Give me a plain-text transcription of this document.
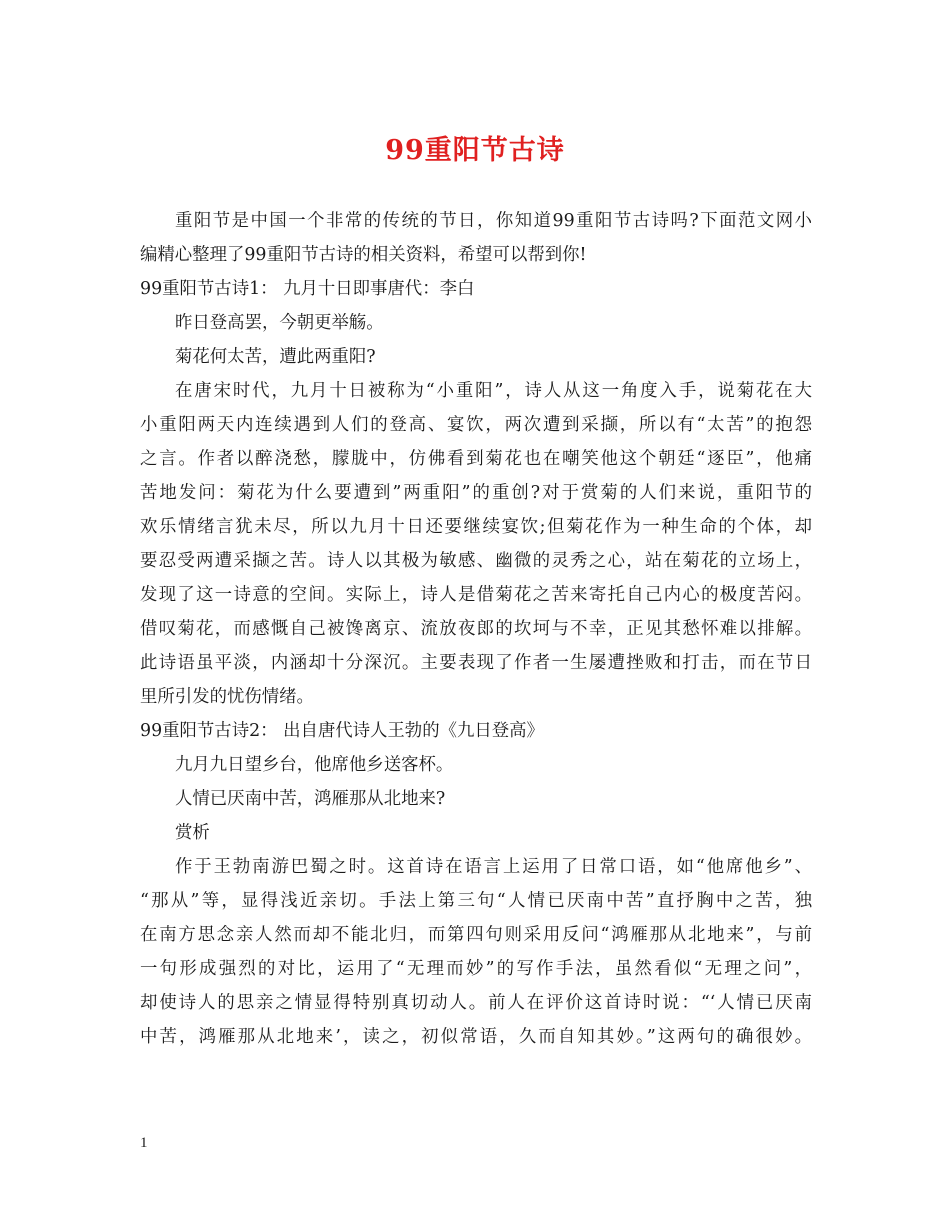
99重阳节古诗
重阳节是中国一个非常的传统的节日，你知道99重阳节古诗吗?下面范文网小
编精心整理了99重阳节古诗的相关资料，希望可以帮到你!
99重阳节古诗1： 九月十日即事唐代：李白
昨日登高罢，今朝更举觞。
菊花何太苦，遭此两重阳?
在唐宋时代，九月十日被称为“小重阳”，诗人从这一角度入手，说菊花在大
小重阳两天内连续遇到人们的登高、宴饮，两次遭到采撷，所以有“太苦”的抱怨
之言。作者以醉浇愁，朦胧中，仿佛看到菊花也在嘲笑他这个朝廷“逐臣”，他痛
苦地发问：菊花为什么要遭到”两重阳”的重创?对于赏菊的人们来说，重阳节的
欢乐情绪言犹未尽，所以九月十日还要继续宴饮;但菊花作为一种生命的个体，却
要忍受两遭采撷之苦。诗人以其极为敏感、幽微的灵秀之心，站在菊花的立场上，
发现了这一诗意的空间。实际上，诗人是借菊花之苦来寄托自己内心的极度苦闷。
借叹菊花，而感慨自己被馋离京、流放夜郎的坎坷与不幸，正见其愁怀难以排解。
此诗语虽平淡，内涵却十分深沉。主要表现了作者一生屡遭挫败和打击，而在节日
里所引发的忧伤情绪。
99重阳节古诗2： 出自唐代诗人王勃的《九日登高》
九月九日望乡台，他席他乡送客杯。
人情已厌南中苦，鸿雁那从北地来?
赏析
作于王勃南游巴蜀之时。这首诗在语言上运用了日常口语，如“他席他乡”、
“那从”等，显得浅近亲切。手法上第三句“人情已厌南中苦”直抒胸中之苦，独
在南方思念亲人然而却不能北归，而第四句则采用反问“鸿雁那从北地来”，与前
一句形成强烈的对比，运用了“无理而妙”的写作手法，虽然看似“无理之问”，
却使诗人的思亲之情显得特别真切动人。前人在评价这首诗时说：“‘人情已厌南
中苦，鸿雁那从北地来’，读之，初似常语，久而自知其妙。”这两句的确很妙。
1
